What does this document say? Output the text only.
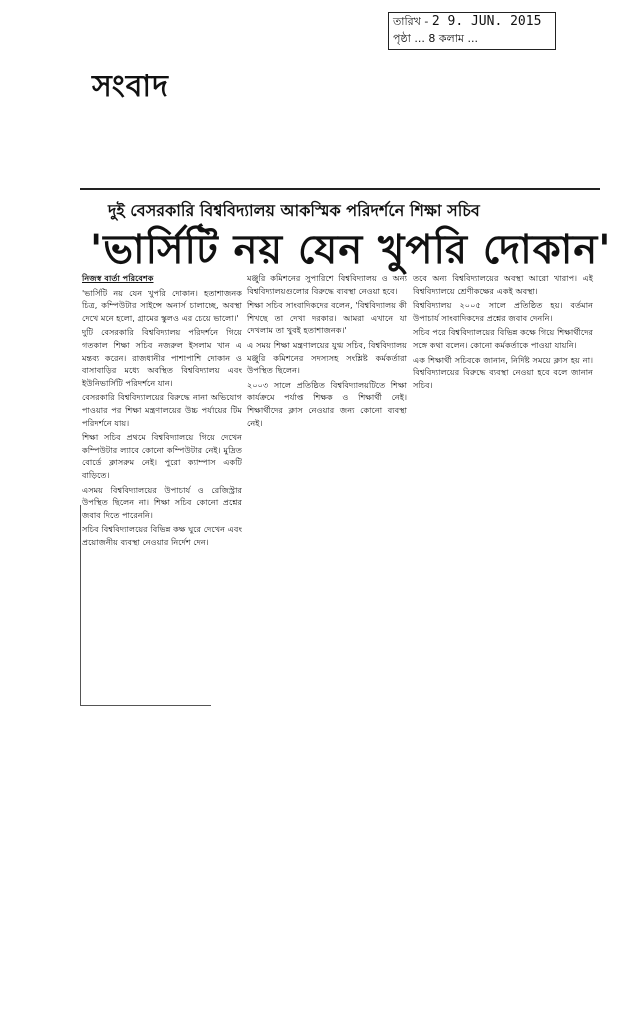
সংবাদ
তারিখ - 2 9. JUN. 2015
পৃষ্ঠা ... 8 কলাম ...
দুই বেসরকারি বিশ্ববিদ্যালয় আকস্মিক পরিদর্শনে শিক্ষা সচিব
'ভার্সিটি নয় যেন খুপরি দোকান'

নিজস্ব বার্তা পরিবেশক

'ভার্সিটি নয় যেন খুপরি দোকান। হতাশাজনক চিত্র, কম্পিউটার সাইন্সে অনার্স চালাচ্ছে, অবস্থা দেখে মনে হলো, গ্রামের স্কুলও এর চেয়ে ভালো।'

দুটি বেসরকারি বিশ্ববিদ্যালয় পরিদর্শনে গিয়ে গতকাল শিক্ষা সচিব নজরুল ইসলাম খান এ মন্তব্য করেন। রাজধানীর পাশাপাশি দোকান ও বাসাবাড়ির মধ্যে অবস্থিত বিশ্ববিদ্যালয় এবং ইউনিভার্সিটি পরিদর্শনে যান।

বেসরকারি বিশ্ববিদ্যালয়ের বিরুদ্ধে নানা অভিযোগ পাওয়ার পর শিক্ষা মন্ত্রণালয়ের উচ্চ পর্যায়ের টিম পরিদর্শনে যায়।

শিক্ষা সচিব প্রথমে বিশ্ববিদ্যালয়ে গিয়ে দেখেন কম্পিউটার ল্যাবে কোনো কম্পিউটার নেই। মুদ্রিত বোর্ডে ক্লাসরুম নেই। পুরো ক্যাম্পাস একটি বাড়িতে।

এসময় বিশ্ববিদ্যালয়ের উপাচার্য ও রেজিস্ট্রার উপস্থিত ছিলেন না। শিক্ষা সচিব কোনো প্রশ্নের জবাব দিতে পারেননি।

সচিব বিশ্ববিদ্যালয়ের বিভিন্ন কক্ষ ঘুরে দেখেন এবং প্রয়োজনীয় ব্যবস্থা নেওয়ার নির্দেশ দেন।

মঞ্জুরি কমিশনের সুপারিশে বিশ্ববিদ্যালয় ও অন্য বিশ্ববিদ্যালয়গুলোর বিরুদ্ধে ব্যবস্থা নেওয়া হবে।

শিক্ষা সচিব সাংবাদিকদের বলেন, 'বিশ্ববিদ্যালয় কী শিখছে তা দেখা দরকার। আমরা এখানে যা দেখলাম তা খুবই হতাশাজনক।'

এ সময় শিক্ষা মন্ত্রণালয়ের যুগ্ম সচিব, বিশ্ববিদ্যালয় মঞ্জুরি কমিশনের সদস্যসহ সংশ্লিষ্ট কর্মকর্তারা উপস্থিত ছিলেন।

২০০৩ সালে প্রতিষ্ঠিত বিশ্ববিদ্যালয়টিতে শিক্ষা কার্যক্রমে পর্যাপ্ত শিক্ষক ও শিক্ষার্থী নেই। শিক্ষার্থীদের ক্লাস নেওয়ার জন্য কোনো ব্যবস্থা নেই।

তবে অন্য বিশ্ববিদ্যালয়ের অবস্থা আরো খারাপ। এই বিশ্ববিদ্যালয়ে শ্রেণীকক্ষের একই অবস্থা।

বিশ্ববিদ্যালয় ২০০৫ সালে প্রতিষ্ঠিত হয়। বর্তমান উপাচার্য সাংবাদিকদের প্রশ্নের জবাব দেননি।

সচিব পরে বিশ্ববিদ্যালয়ের বিভিন্ন কক্ষে গিয়ে শিক্ষার্থীদের সঙ্গে কথা বলেন। কোনো কর্মকর্তাকে পাওয়া যায়নি।

এক শিক্ষার্থী সচিবকে জানান, নির্দিষ্ট সময়ে ক্লাস হয় না। বিশ্ববিদ্যালয়ের বিরুদ্ধে ব্যবস্থা নেওয়া হবে বলে জানান সচিব।
